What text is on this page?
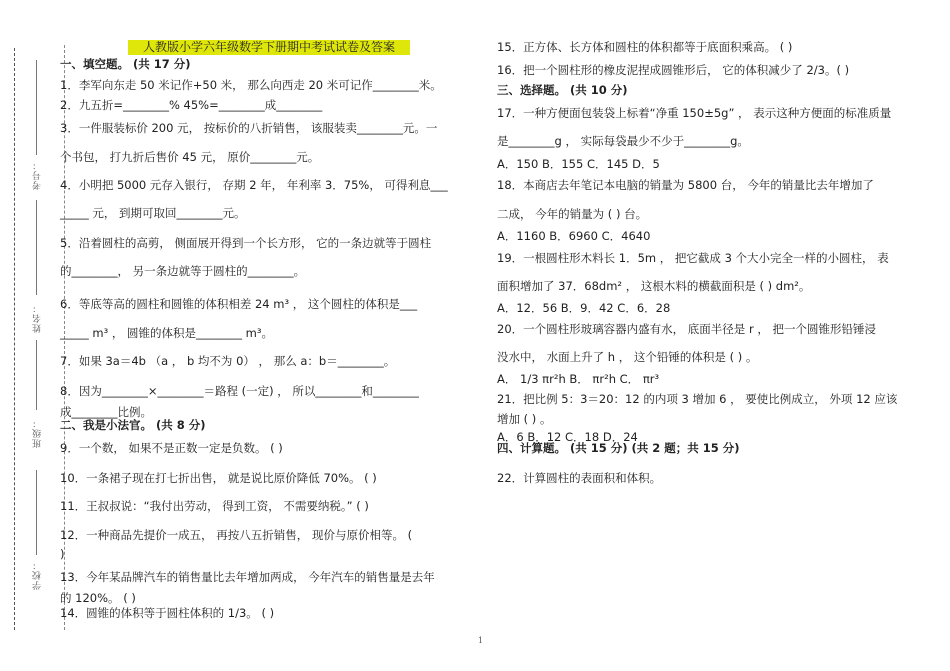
考号：
姓名：
班级：
学校：
人教版小学六年级数学下册期中考试试卷及答案
一、填空题。 (共 17 分)
1．李军向东走 50 米记作+50 米， 那么向西走 20 米可记作________米。
2．九五折=________% 45%=________成________
3．一件服装标价 200 元， 按标价的八折销售， 该服装卖________元。一
个书包， 打九折后售价 45 元， 原价________元。
4．小明把 5000 元存入银行， 存期 2 年， 年利率 3．75%， 可得利息___
_____ 元， 到期可取回________元。
5．沿着圆柱的高剪， 侧面展开得到一个长方形， 它的一条边就等于圆柱
的________， 另一条边就等于圆柱的________。
6．等底等高的圆柱和圆锥的体积相差 24 m³ ， 这个圆柱的体积是___
_____ m³ ， 圆锥的体积是________ m³。
7．如果 3a＝4b （a ， b 均不为 0） ， 那么 a：b＝________。
8．因为________×________＝路程 (一定) ， 所以________和________
成________比例。
二、我是小法官。 (共 8 分)
9．一个数， 如果不是正数一定是负数。 ( )
10．一条裙子现在打七折出售， 就是说比原价降低 70%。 ( )
11．王叔叔说：“我付出劳动， 得到工资， 不需要纳税。” ( )
12．一种商品先提价一成五， 再按八五折销售， 现价与原价相等。 (
)
13．今年某品牌汽车的销售量比去年增加两成， 今年汽车的销售量是去年
的 120%。 ( )
14．圆锥的体积等于圆柱体积的 1/3。 ( )
15．正方体、长方体和圆柱的体积都等于底面积乘高。 ( )
16．把一个圆柱形的橡皮泥捏成圆锥形后， 它的体积减少了 2/3。( )
三、选择题。 (共 10 分)
17．一种方便面包装袋上标着“净重 150±5g” ， 表示这种方便面的标准质量
是________g ， 实际每袋最少不少于________g。
A．150 B．155 C．145 D．5
18．本商店去年笔记本电脑的销量为 5800 台， 今年的销量比去年增加了
二成， 今年的销量为 ( ) 台。
A．1160 B．6960 C．4640
19．一根圆柱形木料长 1．5m ， 把它截成 3 个大小完全一样的小圆柱， 表
面积增加了 37．68dm² ， 这根木料的横截面积是 ( ) dm²。
A．12．56 B．9．42 C．6．28
20．一个圆柱形玻璃容器内盛有水， 底面半径是 r ， 把一个圆锥形铅锤浸
没水中， 水面上升了 h ， 这个铅锤的体积是 ( ) 。
A． 1/3 πr²h B． πr²h C． πr³
21．把比例 5：3＝20：12 的内项 3 增加 6 ， 要使比例成立， 外项 12 应该
增加 ( ) 。
A．6 B．12 C．18 D．24
四、计算题。 (共 15 分) (共 2 题；共 15 分)
22．计算圆柱的表面积和体积。
1
